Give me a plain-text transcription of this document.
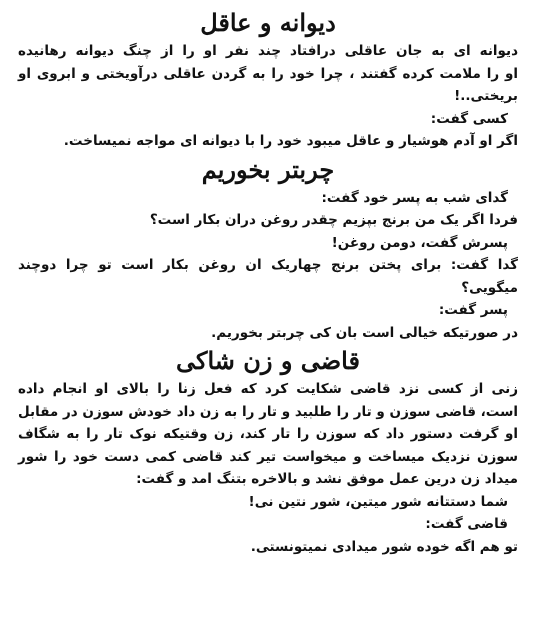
دیوانه و عاقل

دیوانه ای به جان عاقلی درافتاد چند نفر او را از چنگ دیوانه رهانیده

او را ملامت کرده گفتند ، چرا خود را به گردن عاقلی درآویختی و ابروی او

بریختی..!

کسی گفت:

اگر او آدم هوشیار و عاقل میبود خود را با دیوانه ای مواجه نمیساخت.

چربتر بخوریم

گدای شب به پسر خود گفت:

فردا اگر یک من برنج بپزیم چقدر روغن دران بکار است؟

پسرش گفت، دومن روغن!

گدا گفت: برای پختن برنج چهاریک ان روغن بکار است تو چرا دوچند

میگویی؟

پسر گفت:

در صورتیکه خیالی است بان کی چربتر بخوریم.

قاضی و زن شاکی

زنی از کسی نزد قاضی شکایت کرد که فعل زنا را بالای او انجام داده

است، قاضی سوزن و تار را طلبید و تار را به زن داد خودش سوزن در مقابل

او گرفت دستور داد که سوزن را تار کند، زن وقتیکه نوک تار را به شگاف

سوزن نزدیک میساخت و میخواست تیر کند قاضی کمی دست خود را شور

میداد زن درین عمل موفق نشد و بالاخره بتنگ امد و گفت:

شما دستتانه شور میتین، شور نتین نی!

قاضی گفت:

تو هم اگه خوده شور میدادی نمیتونستی.
